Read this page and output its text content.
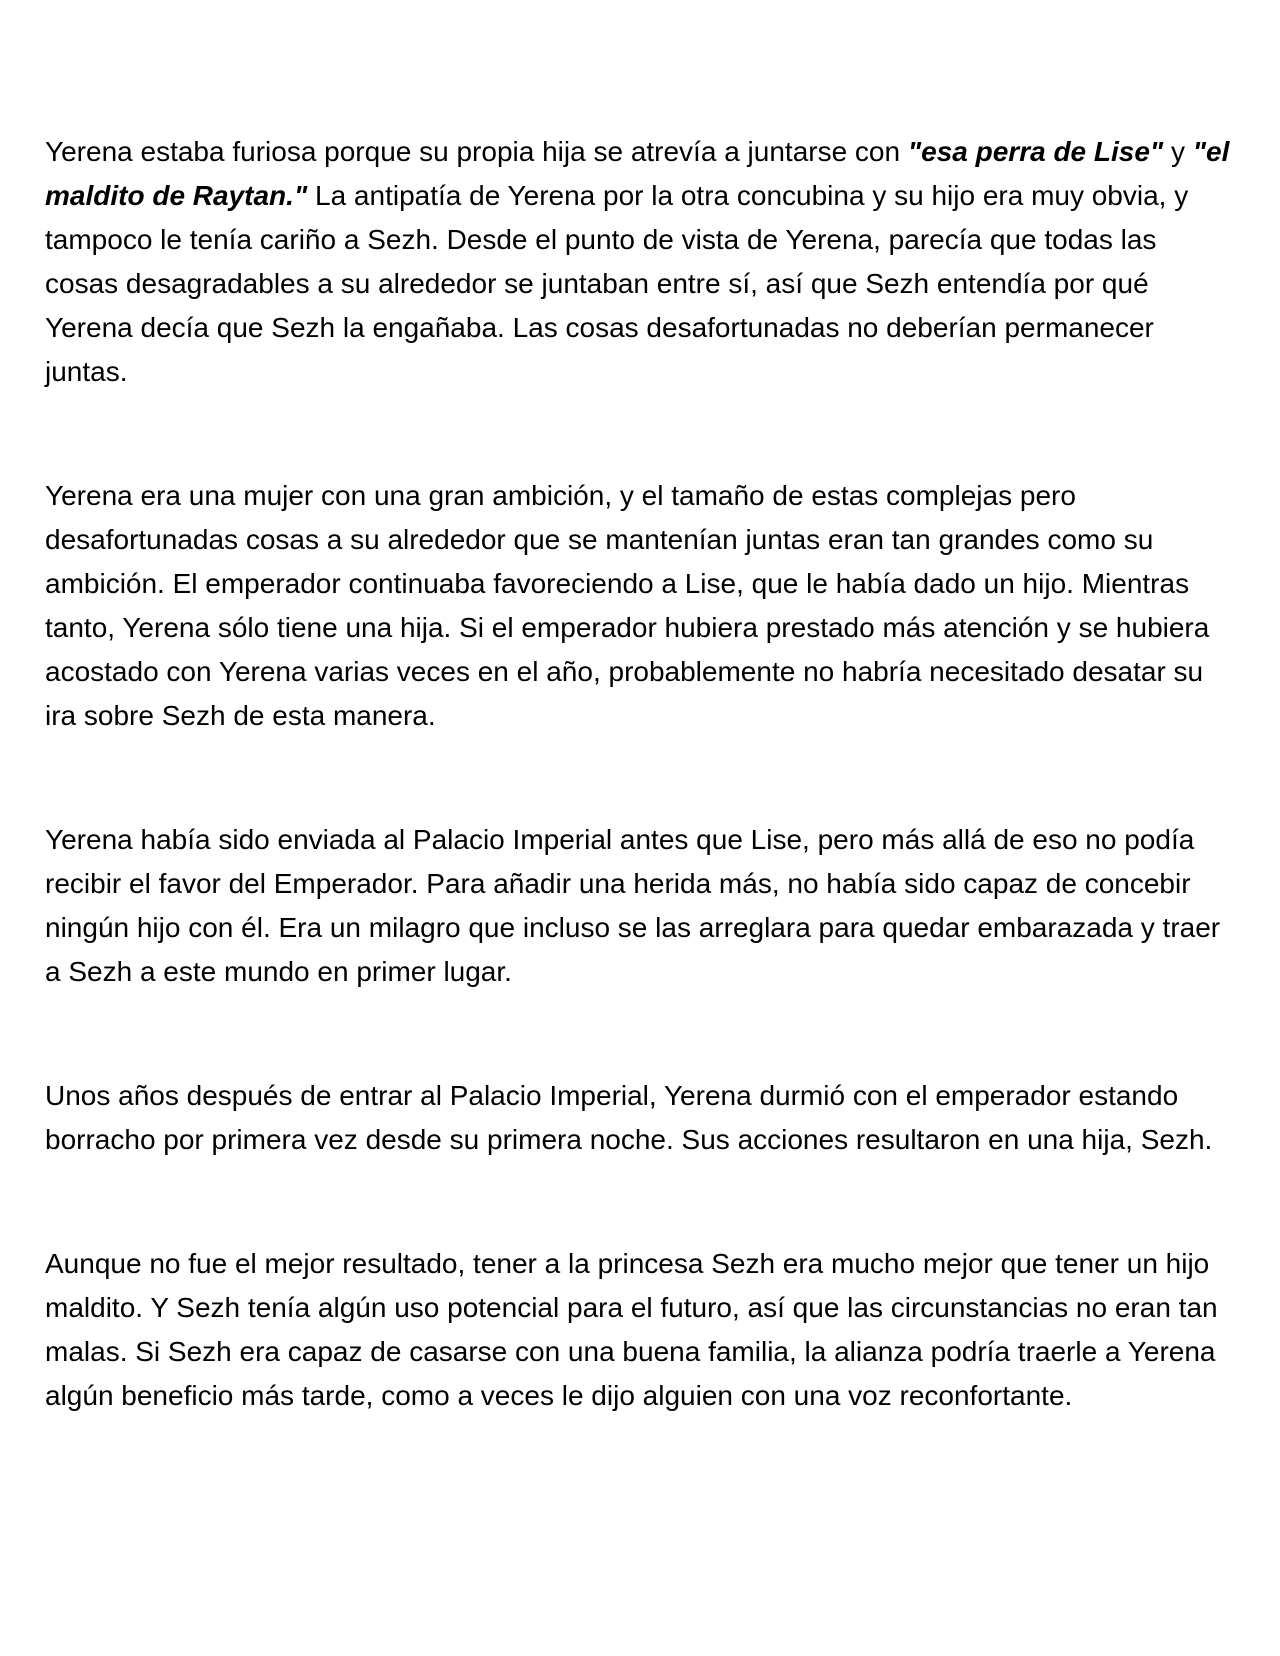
Yerena estaba furiosa porque su propia hija se atrevía a juntarse con "esa perra de Lise" y "el maldito de Raytan." La antipatía de Yerena por la otra concubina y su hijo era muy obvia, y tampoco le tenía cariño a Sezh. Desde el punto de vista de Yerena, parecía que todas las cosas desagradables a su alrededor se juntaban entre sí, así que Sezh entendía por qué Yerena decía que Sezh la engañaba. Las cosas desafortunadas no deberían permanecer juntas.

Yerena era una mujer con una gran ambición, y el tamaño de estas complejas pero desafortunadas cosas a su alrededor que se mantenían juntas eran tan grandes como su ambición. El emperador continuaba favoreciendo a Lise, que le había dado un hijo. Mientras tanto, Yerena sólo tiene una hija. Si el emperador hubiera prestado más atención y se hubiera acostado con Yerena varias veces en el año, probablemente no habría necesitado desatar su ira sobre Sezh de esta manera.

Yerena había sido enviada al Palacio Imperial antes que Lise, pero más allá de eso no podía recibir el favor del Emperador. Para añadir una herida más, no había sido capaz de concebir ningún hijo con él. Era un milagro que incluso se las arreglara para quedar embarazada y traer a Sezh a este mundo en primer lugar.

Unos años después de entrar al Palacio Imperial, Yerena durmió con el emperador estando borracho por primera vez desde su primera noche. Sus acciones resultaron en una hija, Sezh.

Aunque no fue el mejor resultado, tener a la princesa Sezh era mucho mejor que tener un hijo maldito. Y Sezh tenía algún uso potencial para el futuro, así que las circunstancias no eran tan malas. Si Sezh era capaz de casarse con una buena familia, la alianza podría traerle a Yerena algún beneficio más tarde, como a veces le dijo alguien con una voz reconfortante.
